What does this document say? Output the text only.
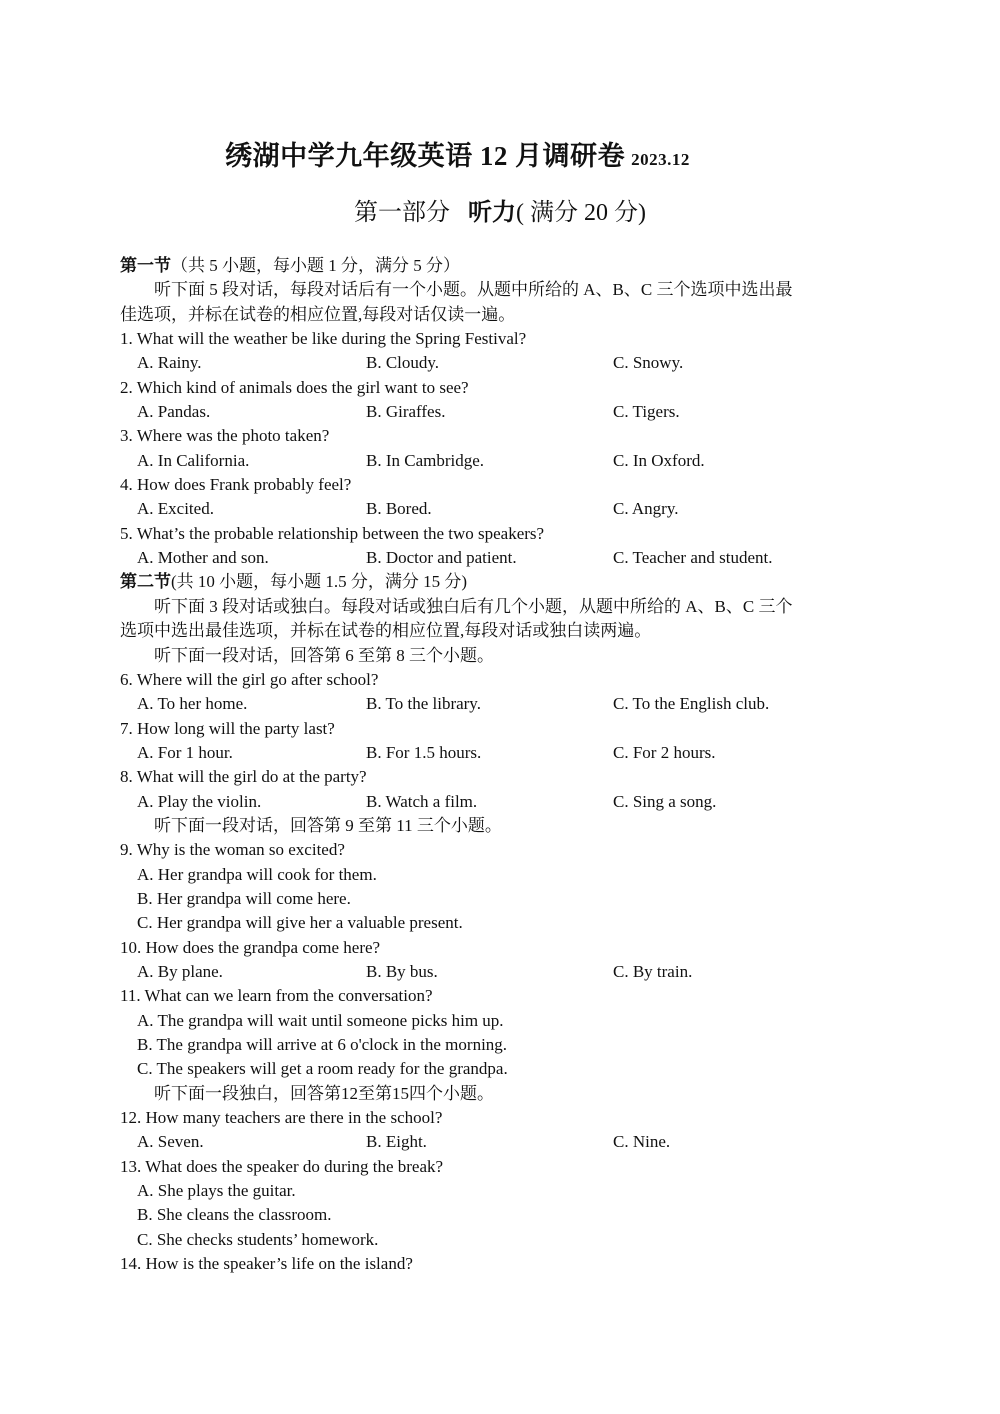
绣湖中学九年级英语 12 月调研卷 2023.12
第一部分 听力( 满分 20 分)
第一节（共 5 小题，每小题 1 分，满分 5 分）
听下面 5 段对话，每段对话后有一个小题。从题中所给的 A、B、C 三个选项中选出最
佳选项，并标在试卷的相应位置,每段对话仅读一遍。
1. What will the weather be like during the Spring Festival?
A. Rainy.	B. Cloudy.	C. Snowy.
2. Which kind of animals does the girl want to see?
A. Pandas.	B. Giraffes.	C. Tigers.
3. Where was the photo taken?
A. In California.	B. In Cambridge.	C. In Oxford.
4. How does Frank probably feel?
A. Excited.	B. Bored.	C. Angry.
5. What’s the probable relationship between the two speakers?
A. Mother and son.	B. Doctor and patient.	C. Teacher and student.
第二节(共 10 小题，每小题 1.5 分，满分 15 分)
听下面 3 段对话或独白。每段对话或独白后有几个小题，从题中所给的 A、B、C 三个
选项中选出最佳选项，并标在试卷的相应位置,每段对话或独白读两遍。
听下面一段对话，回答第 6 至第 8 三个小题。
6. Where will the girl go after school?
A. To her home.	B. To the library.	C. To the English club.
7. How long will the party last?
A. For 1 hour.	B. For 1.5 hours.	C. For 2 hours.
8. What will the girl do at the party?
A. Play the violin.	B. Watch a film.	C. Sing a song.
听下面一段对话，回答第 9 至第 11 三个小题。
9. Why is the woman so excited?
A. Her grandpa will cook for them.
B. Her grandpa will come here.
C. Her grandpa will give her a valuable present.
10. How does the grandpa come here?
A. By plane.	B. By bus.	C. By train.
11. What can we learn from the conversation?
A. The grandpa will wait until someone picks him up.
B. The grandpa will arrive at 6 o'clock in the morning.
C. The speakers will get a room ready for the grandpa.
听下面一段独白，回答第12至第15四个小题。
12. How many teachers are there in the school?
A. Seven.	B. Eight.	C. Nine.
13. What does the speaker do during the break?
A. She plays the guitar.
B. She cleans the classroom.
C. She checks students’ homework.
14. How is the speaker’s life on the island?
